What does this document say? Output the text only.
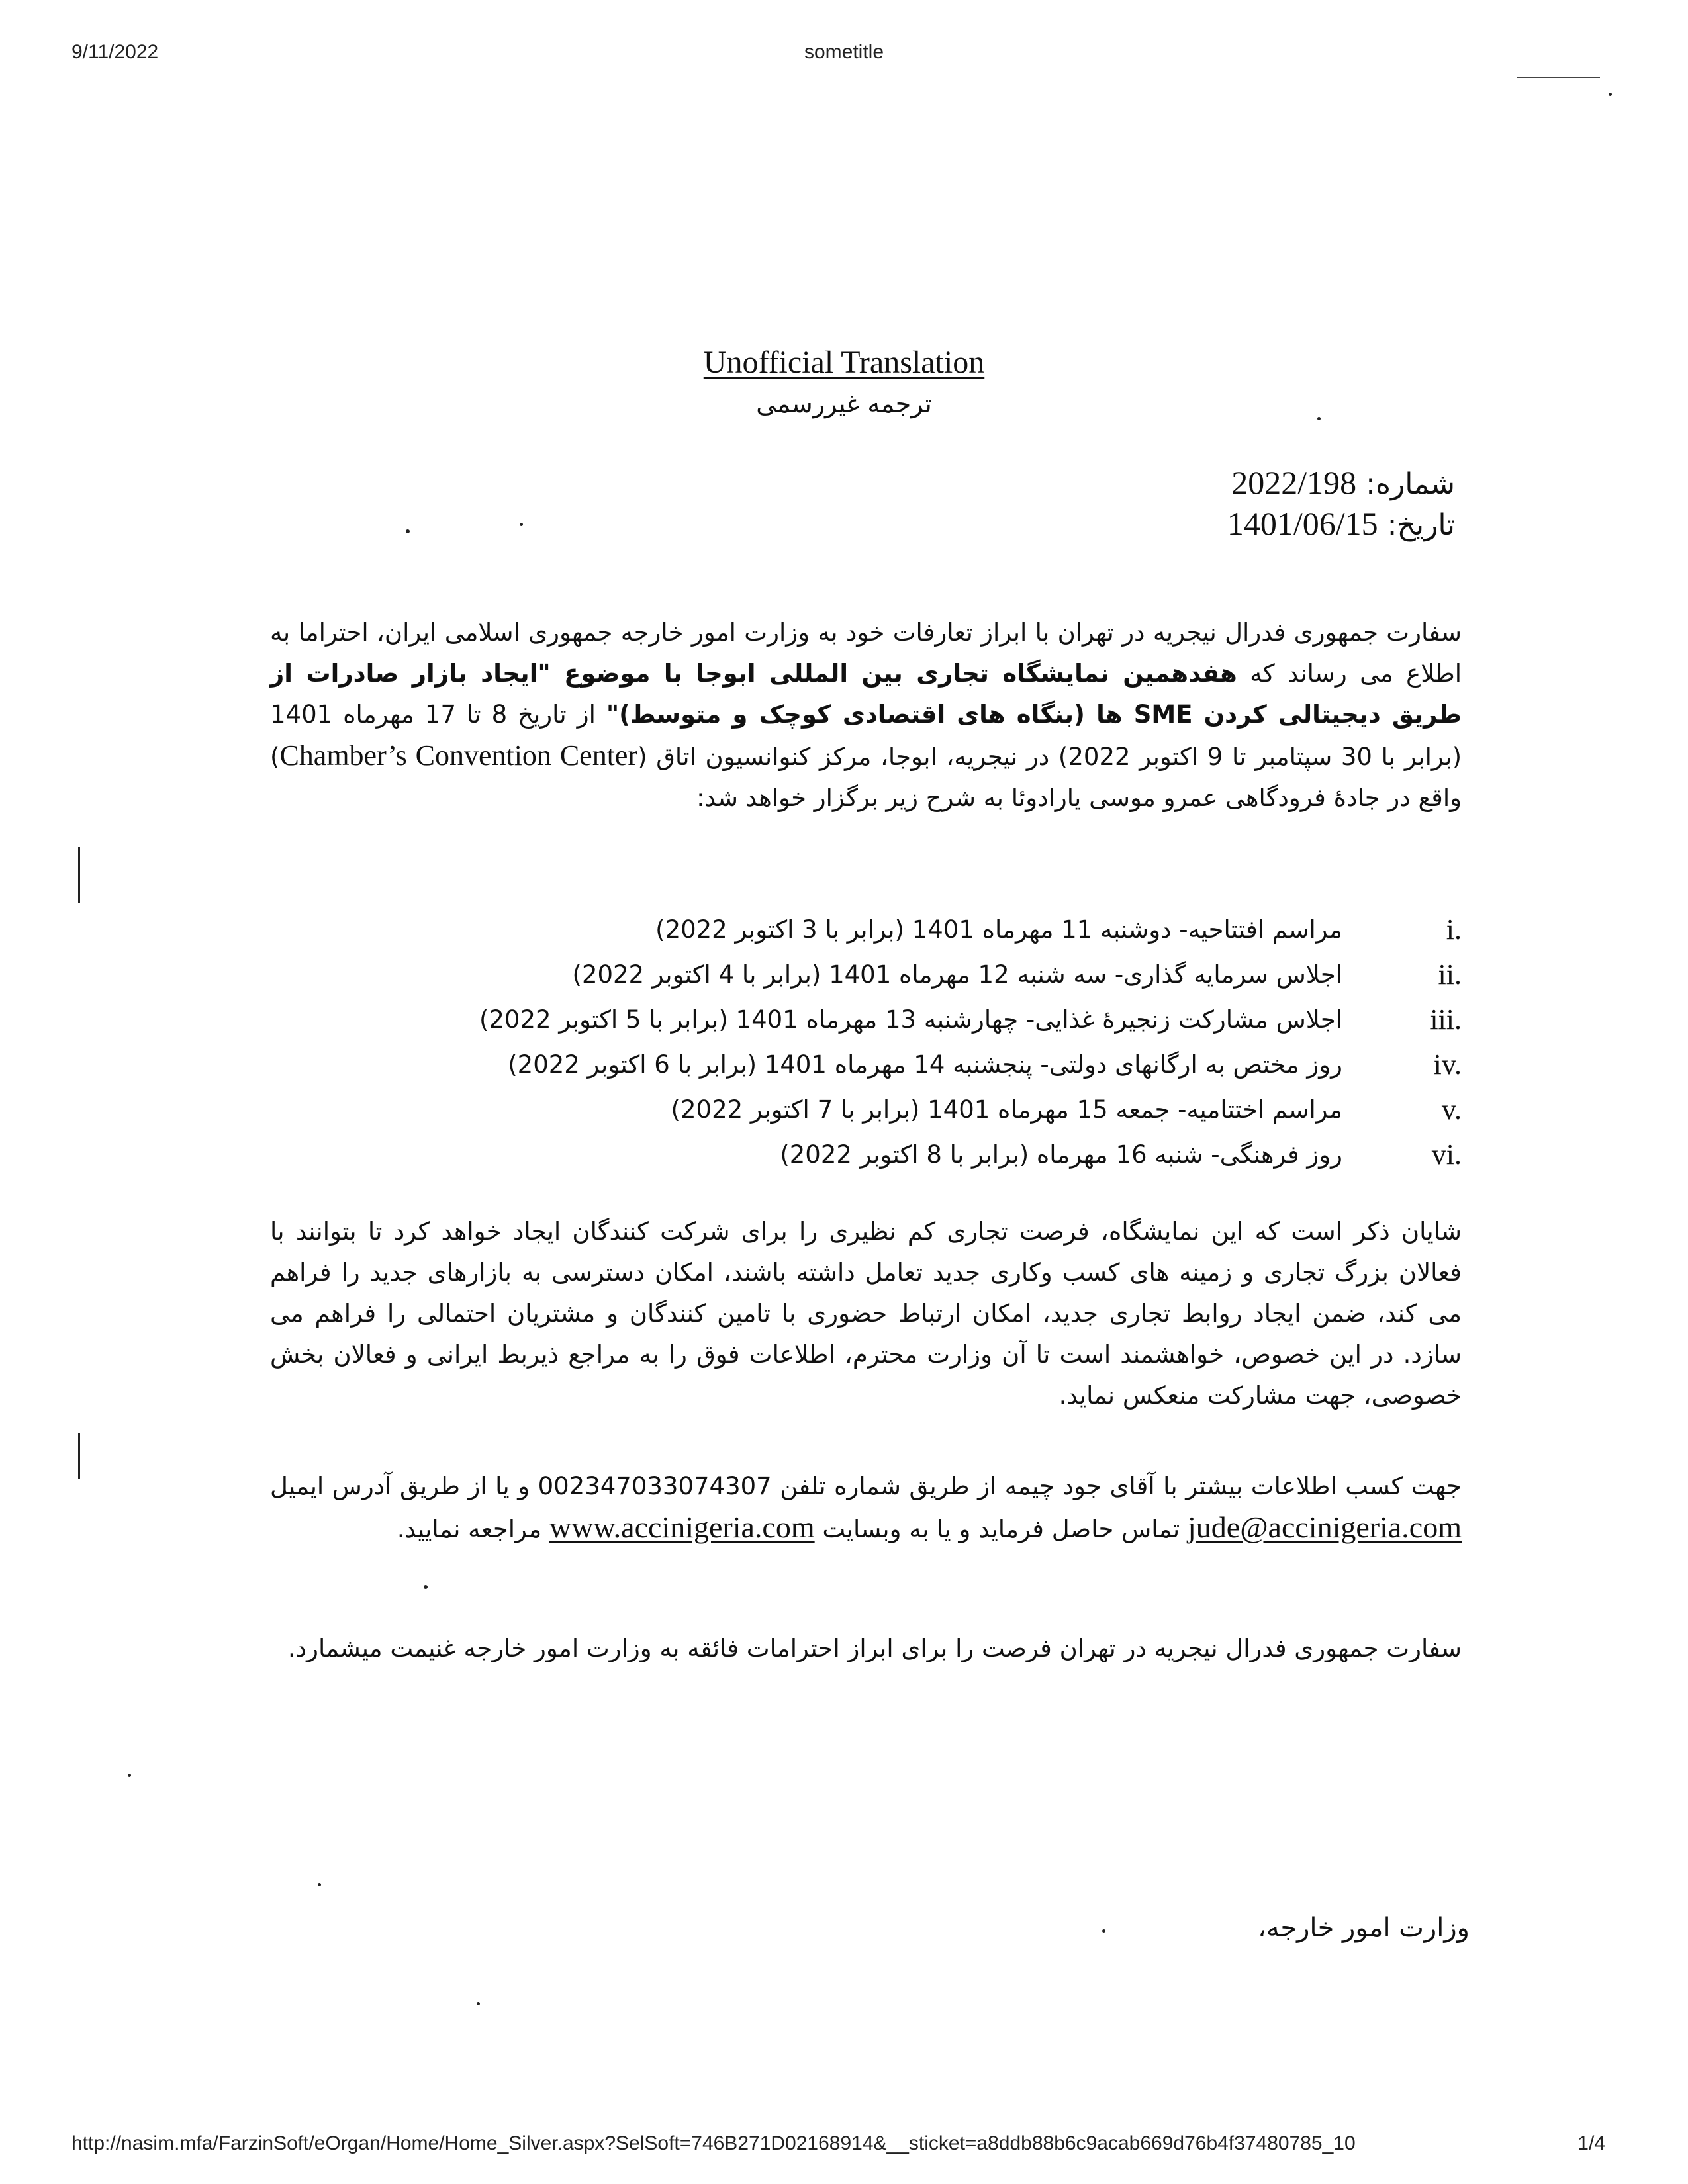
9/11/2022	sometitle
Unofficial Translation
ترجمه غیررسمی
شماره: 2022/198
تاریخ: 1401/06/15
سفارت جمهوری فدرال نیجریه در تهران با ابراز تعارفات خود به وزارت امور خارجه جمهوری اسلامی ایران، احتراما به اطلاع می رساند که هفدهمین نمایشگاه تجاری بین المللی ابوجا با موضوع "ایجاد بازار صادرات از طریق دیجیتالی کردن SME ها (بنگاه های اقتصادی کوچک و متوسط)" از تاریخ 8 تا 17 مهرماه 1401 (برابر با 30 سپتامبر تا 9 اکتوبر 2022) در نیجریه، ابوجا، مرکز کنوانسیون اتاق (Chamber’s Convention Center) واقع در جادۀ فرودگاهی عمرو موسی یارادوئا به شرح زیر برگزار خواهد شد:
i.
مراسم افتتاحیه- دوشنبه 11 مهرماه 1401 (برابر با 3 اکتوبر 2022)
ii.
اجلاس سرمایه گذاری- سه شنبه 12 مهرماه 1401 (برابر با 4 اکتوبر 2022)
iii.
اجلاس مشارکت زنجیرۀ غذایی- چهارشنبه 13 مهرماه 1401 (برابر با 5 اکتوبر 2022)
iv.
روز مختص به ارگانهای دولتی- پنجشنبه 14 مهرماه 1401 (برابر با 6 اکتوبر 2022)
v.
مراسم اختتامیه- جمعه 15 مهرماه 1401 (برابر با 7 اکتوبر 2022)
vi.
روز فرهنگی- شنبه 16 مهرماه (برابر با 8 اکتوبر 2022)
شایان ذکر است که این نمایشگاه، فرصت تجاری کم نظیری را برای شرکت کنندگان ایجاد خواهد کرد تا بتوانند با فعالان بزرگ تجاری و زمینه های کسب وکاری جدید تعامل داشته باشند، امکان دسترسی به بازارهای جدید را فراهم می کند، ضمن ایجاد روابط تجاری جدید، امکان ارتباط حضوری با تامین کنندگان و مشتریان احتمالی را فراهم می سازد. در این خصوص، خواهشمند است تا آن وزارت محترم، اطلاعات فوق را به مراجع ذیربط ایرانی و فعالان بخش خصوصی، جهت مشارکت منعکس نماید.
جهت کسب اطلاعات بیشتر با آقای جود چیمه از طریق شماره تلفن 002347033074307 و یا از طریق آدرس ایمیل jude@accinigeria.com تماس حاصل فرماید و یا به وبسایت www.accinigeria.com مراجعه نمایید.
سفارت جمهوری فدرال نیجریه در تهران فرصت را برای ابراز احترامات فائقه به وزارت امور خارجه غنیمت میشمارد.
وزارت امور خارجه،
http://nasim.mfa/FarzinSoft/eOrgan/Home/Home_Silver.aspx?SelSoft=746B271D02168914&__sticket=a8ddb88b6c9acab669d76b4f37480785_10	1/4
